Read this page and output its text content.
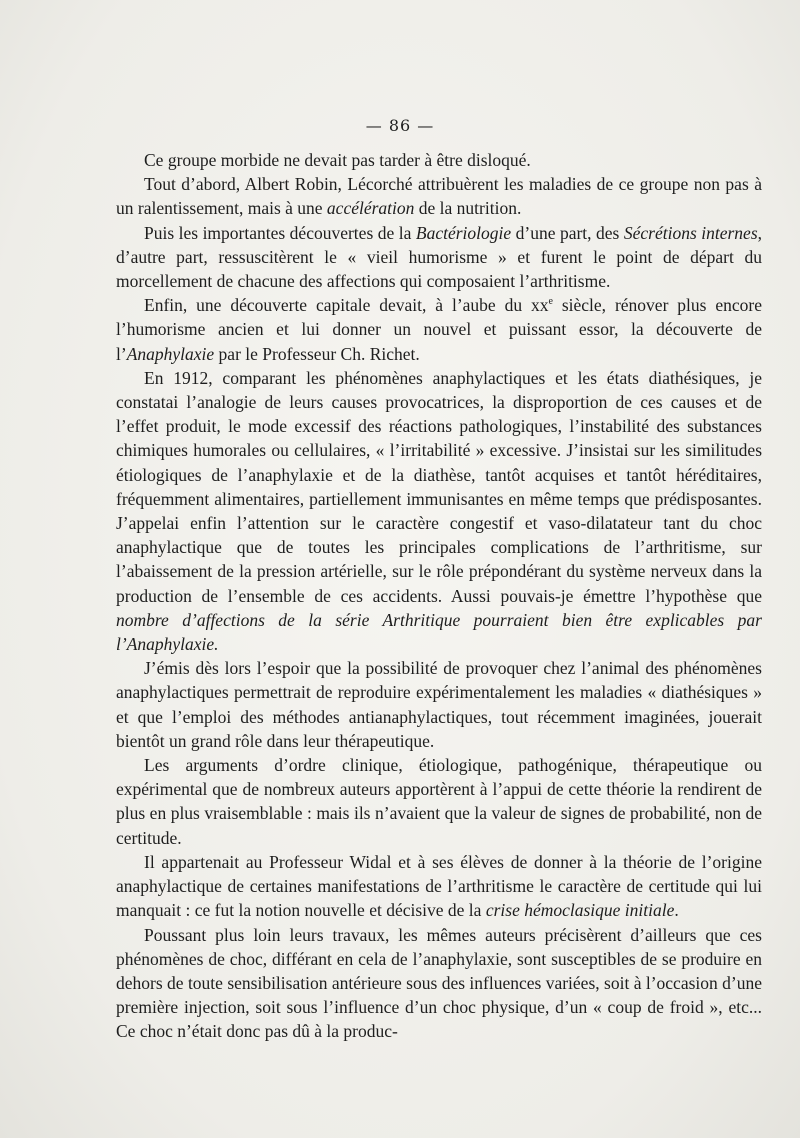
— 86 —

Ce groupe morbide ne devait pas tarder à être disloqué.

Tout d’abord, Albert Robin, Lécorché attribuèrent les maladies de ce groupe non pas à un ralentissement, mais à une accélération de la nutrition.

Puis les importantes découvertes de la Bactériologie d’une part, des Sécrétions internes, d’autre part, ressuscitèrent le « vieil humorisme » et furent le point de départ du morcellement de chacune des affections qui composaient l’arthritisme.

Enfin, une découverte capitale devait, à l’aube du $xx^e$ siècle, rénover plus encore l’humorisme ancien et lui donner un nouvel et puissant essor, la découverte de l’Anaphylaxie par le Professeur Ch. Richet.

En 1912, comparant les phénomènes anaphylactiques et les états diathésiques, je constatai l’analogie de leurs causes provocatrices, la disproportion de ces causes et de l’effet produit, le mode excessif des réactions pathologiques, l’instabilité des substances chimiques humorales ou cellulaires, « l’irritabilité » excessive. J’insistai sur les similitudes étiologiques de l’anaphylaxie et de la diathèse, tantôt acquises et tantôt héréditaires, fréquemment alimentaires, partiellement immunisantes en même temps que prédisposantes. J’appelai enfin l’attention sur le caractère congestif et vaso-dilatateur tant du choc anaphylactique que de toutes les principales complications de l’arthritisme, sur l’abaissement de la pression artérielle, sur le rôle prépondérant du système nerveux dans la production de l’ensemble de ces accidents. Aussi pouvais-je émettre l’hypothèse que nombre d’affections de la série Arthritique pourraient bien être explicables par l’Anaphylaxie.

J’émis dès lors l’espoir que la possibilité de provoquer chez l’animal des phénomènes anaphylactiques permettrait de reproduire expérimentalement les maladies « diathésiques » et que l’emploi des méthodes antianaphylactiques, tout récemment imaginées, jouerait bientôt un grand rôle dans leur thérapeutique.

Les arguments d’ordre clinique, étiologique, pathogénique, thérapeutique ou expérimental que de nombreux auteurs apportèrent à l’appui de cette théorie la rendirent de plus en plus vraisemblable : mais ils n’avaient que la valeur de signes de probabilité, non de certitude.

Il appartenait au Professeur Widal et à ses élèves de donner à la théorie de l’origine anaphylactique de certaines manifestations de l’arthritisme le caractère de certitude qui lui manquait : ce fut la notion nouvelle et décisive de la crise hémoclasique initiale.

Poussant plus loin leurs travaux, les mêmes auteurs précisèrent d’ailleurs que ces phénomènes de choc, différant en cela de l’anaphylaxie, sont susceptibles de se produire en dehors de toute sensibilisation antérieure sous des influences variées, soit à l’occasion d’une première injection, soit sous l’influence d’un choc physique, d’un « coup de froid », etc... Ce choc n’était donc pas dû à la produc-
